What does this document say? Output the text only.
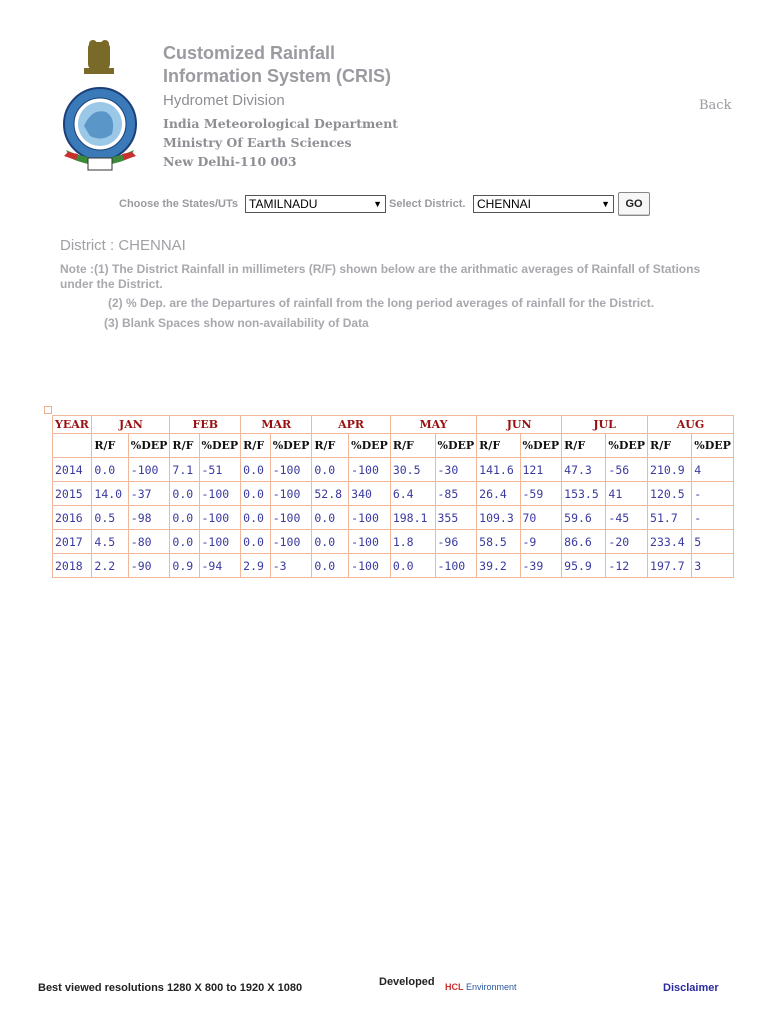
Customized Rainfall
Information System (CRIS)
Hydromet Division
India Meteorological Department
Ministry Of Earth Sciences
New Delhi-110 003
Back
Choose the States/UTs TAMILNADU	▼ Select District. CHENNAI	▼	GO
District : CHENNAI
Note :(1) The District Rainfall in millimeters (R/F) shown below are the arithmatic averages of Rainfall of Stations under the District.
(2) % Dep. are the Departures of rainfall from the long period averages of rainfall for the District.
(3) Blank Spaces show non-availability of Data
YEAR	JAN		FEB		MAR		APR		MAY		JUN		JUL		AUG	
	R/F	%DEP	R/F	%DEP	R/F	%DEP	R/F	%DEP	R/F	%DEP	R/F	%DEP	R/F	%DEP	R/F	%DEP
2014	0.0	-100	7.1	-51	0.0	-100	0.0	-100	30.5	-30	141.6	121	47.3	-56	210.9	4
2015	14.0	-37	0.0	-100	0.0	-100	52.8	340	6.4	-85	26.4	-59	153.5	41	120.5	-
2016	0.5	-98	0.0	-100	0.0	-100	0.0	-100	198.1	355	109.3	70	59.6	-45	51.7	-
2017	4.5	-80	0.0	-100	0.0	-100	0.0	-100	1.8	-96	58.5	-9	86.6	-20	233.4	5
2018	2.2	-90	0.9	-94	2.9	-3	0.0	-100	0.0	-100	39.2	-39	95.9	-12	197.7	3
Best viewed resolutions 1280 X 800 to 1920 X 1080	Developed HCL Environment	Disclaimer
